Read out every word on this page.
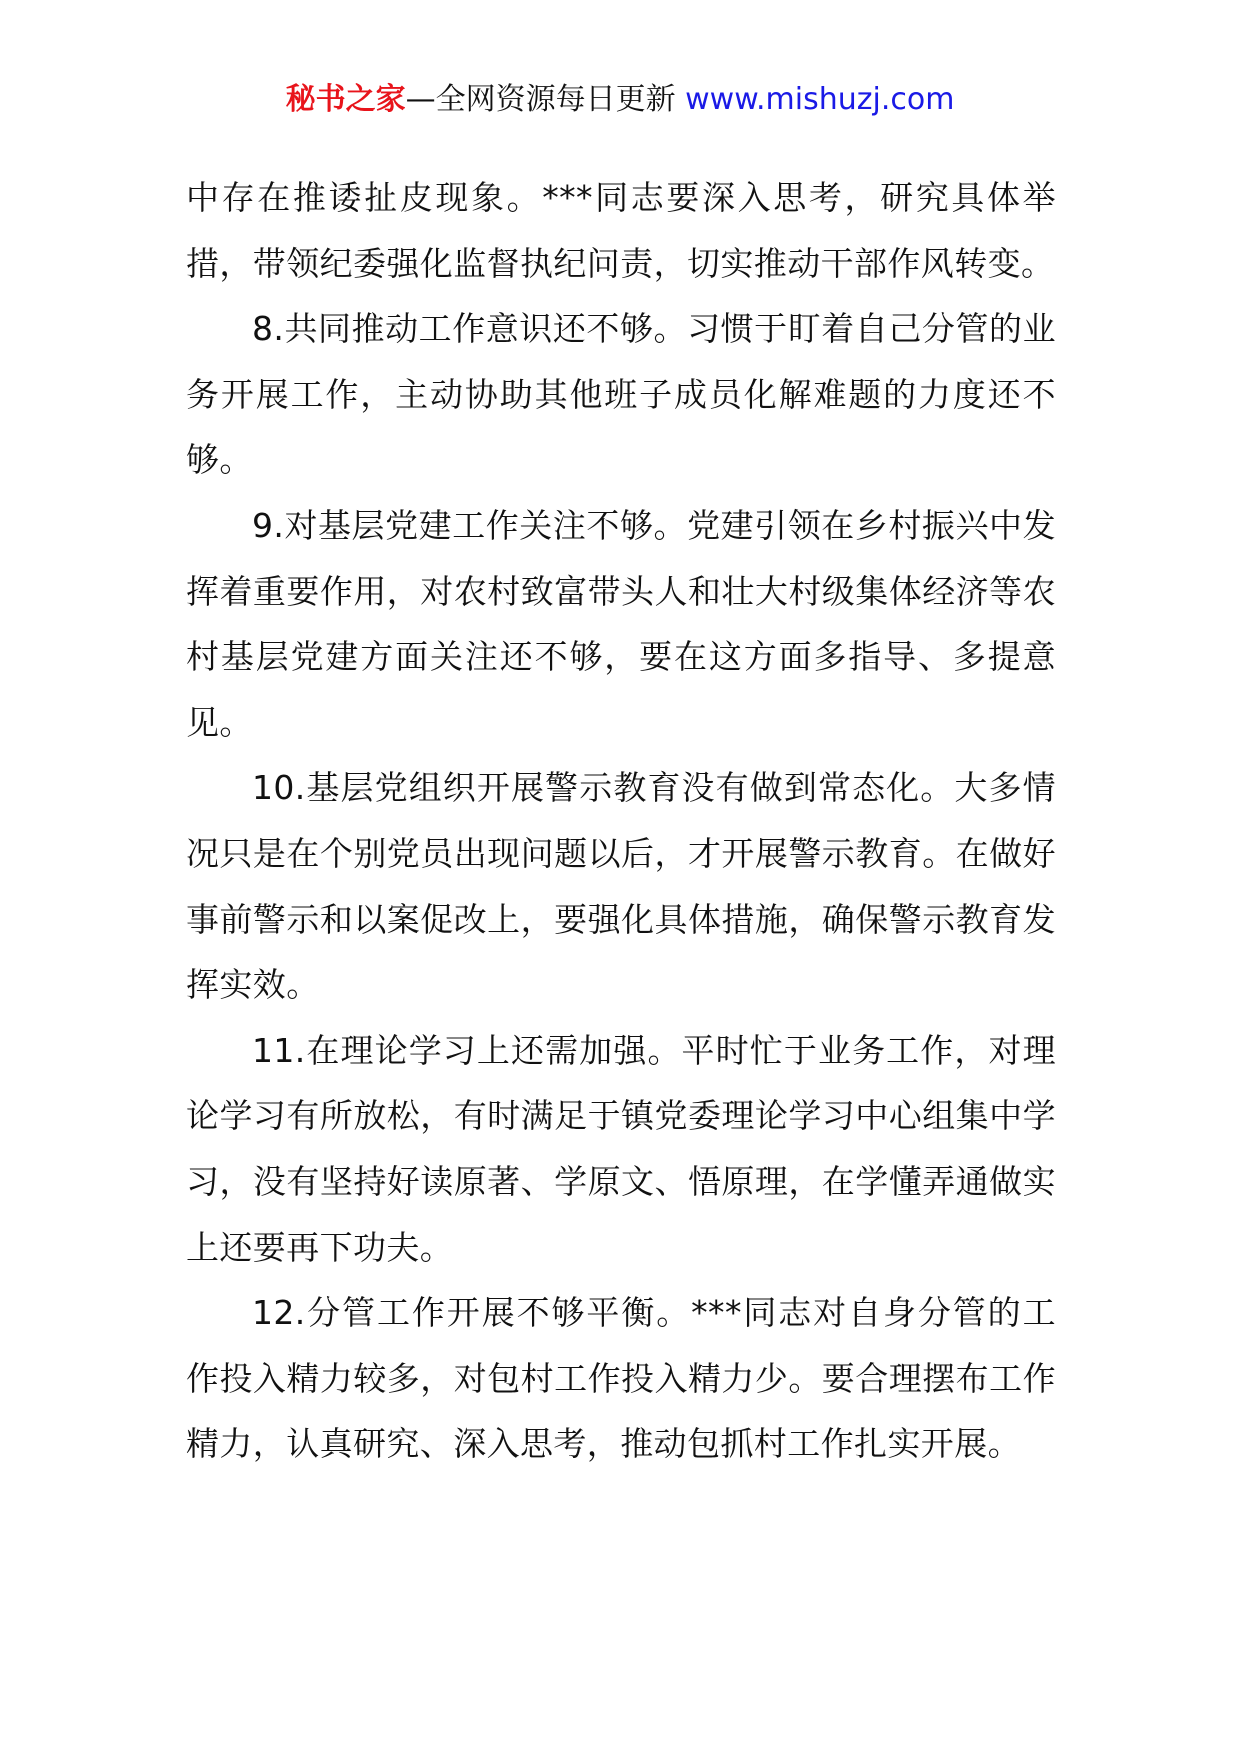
秘书之家—全网资源每日更新 www.mishuzj.com

中存在推诿扯皮现象。***同志要深入思考，研究具体举措，带领纪委强化监督执纪问责，切实推动干部作风转变。

8.共同推动工作意识还不够。习惯于盯着自己分管的业务开展工作，主动协助其他班子成员化解难题的力度还不够。

9.对基层党建工作关注不够。党建引领在乡村振兴中发挥着重要作用，对农村致富带头人和壮大村级集体经济等农村基层党建方面关注还不够，要在这方面多指导、多提意见。

10.基层党组织开展警示教育没有做到常态化。大多情况只是在个别党员出现问题以后，才开展警示教育。在做好事前警示和以案促改上，要强化具体措施，确保警示教育发挥实效。

11.在理论学习上还需加强。平时忙于业务工作，对理论学习有所放松，有时满足于镇党委理论学习中心组集中学习，没有坚持好读原著、学原文、悟原理，在学懂弄通做实上还要再下功夫。

12.分管工作开展不够平衡。***同志对自身分管的工作投入精力较多，对包村工作投入精力少。要合理摆布工作精力，认真研究、深入思考，推动包抓村工作扎实开展。
